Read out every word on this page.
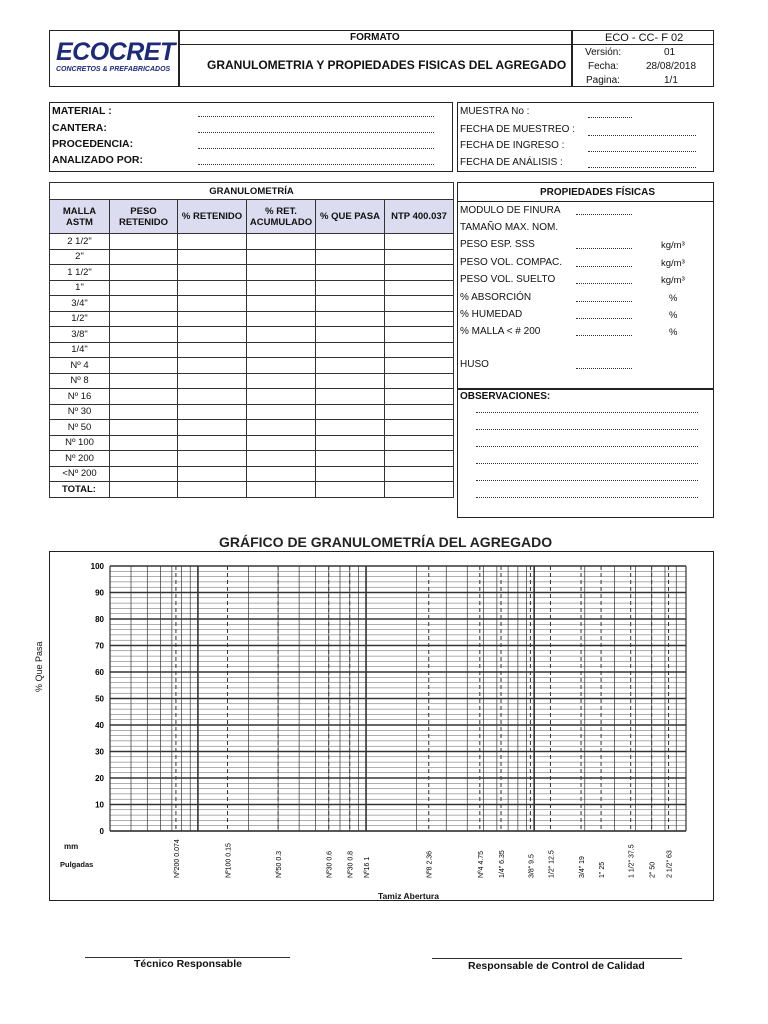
ECOCRET
CONCRETOS & PREFABRICADOS
FORMATO
GRANULOMETRIA Y PROPIEDADES FISICAS DEL AGREGADO
ECO - CC- F 02
Versión:	01
Fecha:	28/08/2018
Pagina:	1/1
MATERIAL :
CANTERA:
PROCEDENCIA:
ANALIZADO POR:
MUESTRA No :
FECHA DE MUESTREO :
FECHA DE INGRESO :
FECHA DE ANÁLISIS :
GRANULOMETRÍA					
MALLA ASTM	PESO RETENIDO	% RETENIDO	% RET. ACUMULADO	% QUE PASA	NTP 400.037
2 1/2"					
2"					
1 1/2"					
1"					
3/4"					
1/2"					
3/8"					
1/4"					
Nº 4					
Nº 8					
Nº 16					
Nº 30					
Nº 50					
Nº 100					
Nº 200					
<Nº 200					
TOTAL:					
PROPIEDADES FÍSICAS
MODULO DE FINURA
TAMAÑO MAX. NOM.
PESO ESP. SSS	kg/m³
PESO VOL. COMPAC.	kg/m³
PESO VOL. SUELTO	kg/m³
% ABSORCIÓN	%
% HUMEDAD	%
% MALLA < # 200	%
HUSO
OBSERVACIONES:
GRÁFICO DE GRANULOMETRÍA DEL AGREGADO
100
90
80
70
60
50
40
30
20
10
0
Nº200 0.074	Nº100 0.15	Nº50 0.3	Nº30 0.6 Nº30 0.8 Nº16 1	Nº8 2.36	Nº4 4.75 1/4" 6.35	3/8" 9.5 1/2" 12.5	3/4" 19 1" 25	1 1/2" 37.5 2" 50 2 1/2" 63
% Que Pasa
mm
Pulgadas
Tamiz Abertura
Técnico Responsable	Responsable de Control de Calidad
